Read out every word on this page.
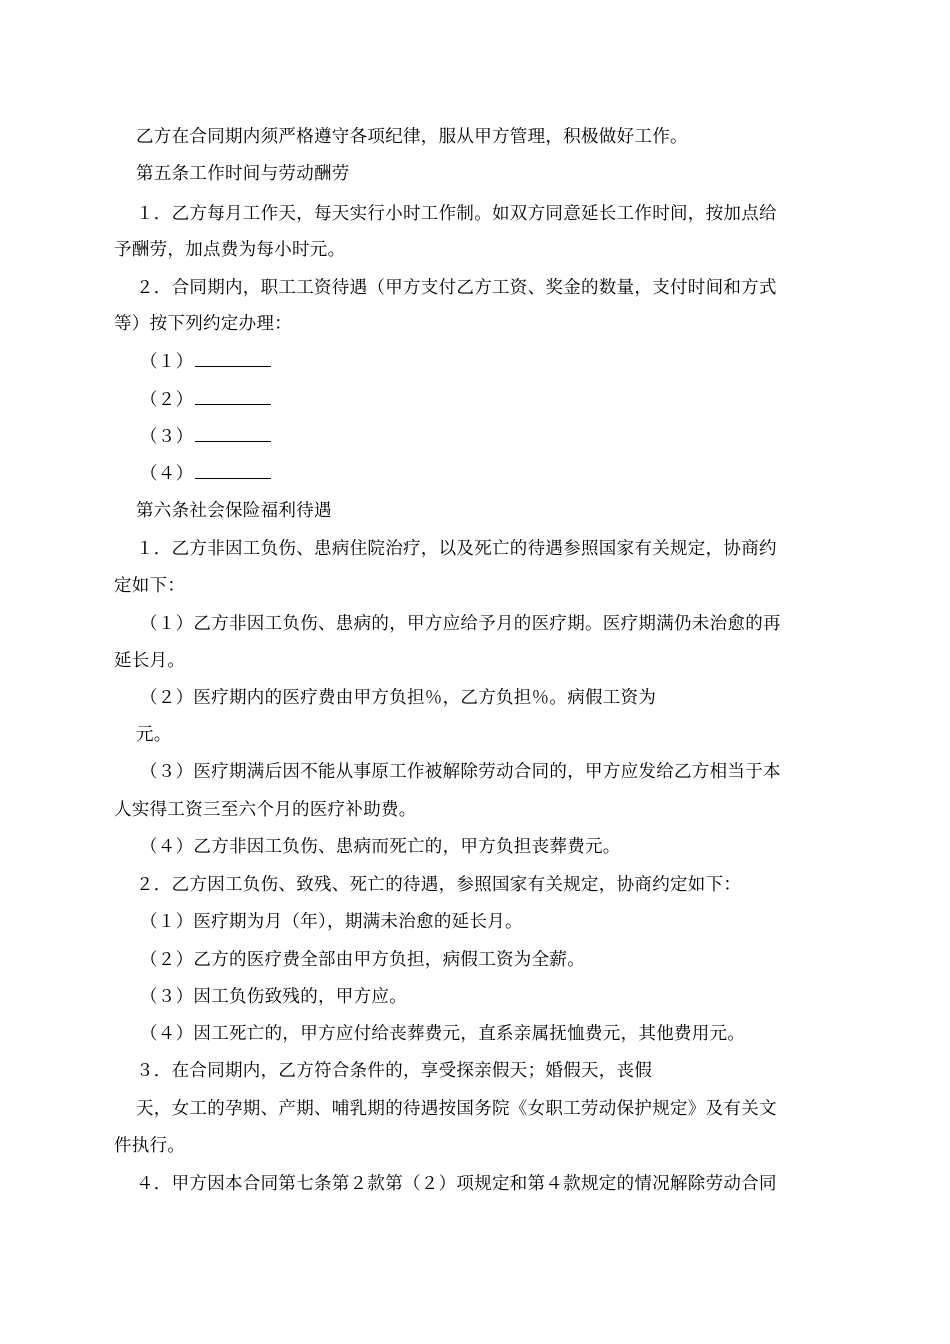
乙方在合同期内须严格遵守各项纪律，服从甲方管理，积极做好工作。
第五条工作时间与劳动酬劳
１．乙方每月工作天，每天实行小时工作制。如双方同意延长工作时间，按加点给
予酬劳，加点费为每小时元。
２．合同期内，职工工资待遇（甲方支付乙方工资、奖金的数量，支付时间和方式
等）按下列约定办理：
（１）
（２）
（３）
（４）
第六条社会保险福利待遇
１．乙方非因工负伤、患病住院治疗，以及死亡的待遇参照国家有关规定，协商约
定如下：
（１）乙方非因工负伤、患病的，甲方应给予月的医疗期。医疗期满仍未治愈的再
延长月。
（２）医疗期内的医疗费由甲方负担％，乙方负担％。病假工资为
元。
（３）医疗期满后因不能从事原工作被解除劳动合同的，甲方应发给乙方相当于本
人实得工资三至六个月的医疗补助费。
（４）乙方非因工负伤、患病而死亡的，甲方负担丧葬费元。
２．乙方因工负伤、致残、死亡的待遇，参照国家有关规定，协商约定如下：
（１）医疗期为月（年），期满未治愈的延长月。
（２）乙方的医疗费全部由甲方负担，病假工资为全薪。
（３）因工负伤致残的，甲方应。
（４）因工死亡的，甲方应付给丧葬费元，直系亲属抚恤费元，其他费用元。
３．在合同期内，乙方符合条件的，享受探亲假天；婚假天，丧假
天，女工的孕期、产期、哺乳期的待遇按国务院《女职工劳动保护规定》及有关文
件执行。
４．甲方因本合同第七条第２款第（２）项规定和第４款规定的情况解除劳动合同
